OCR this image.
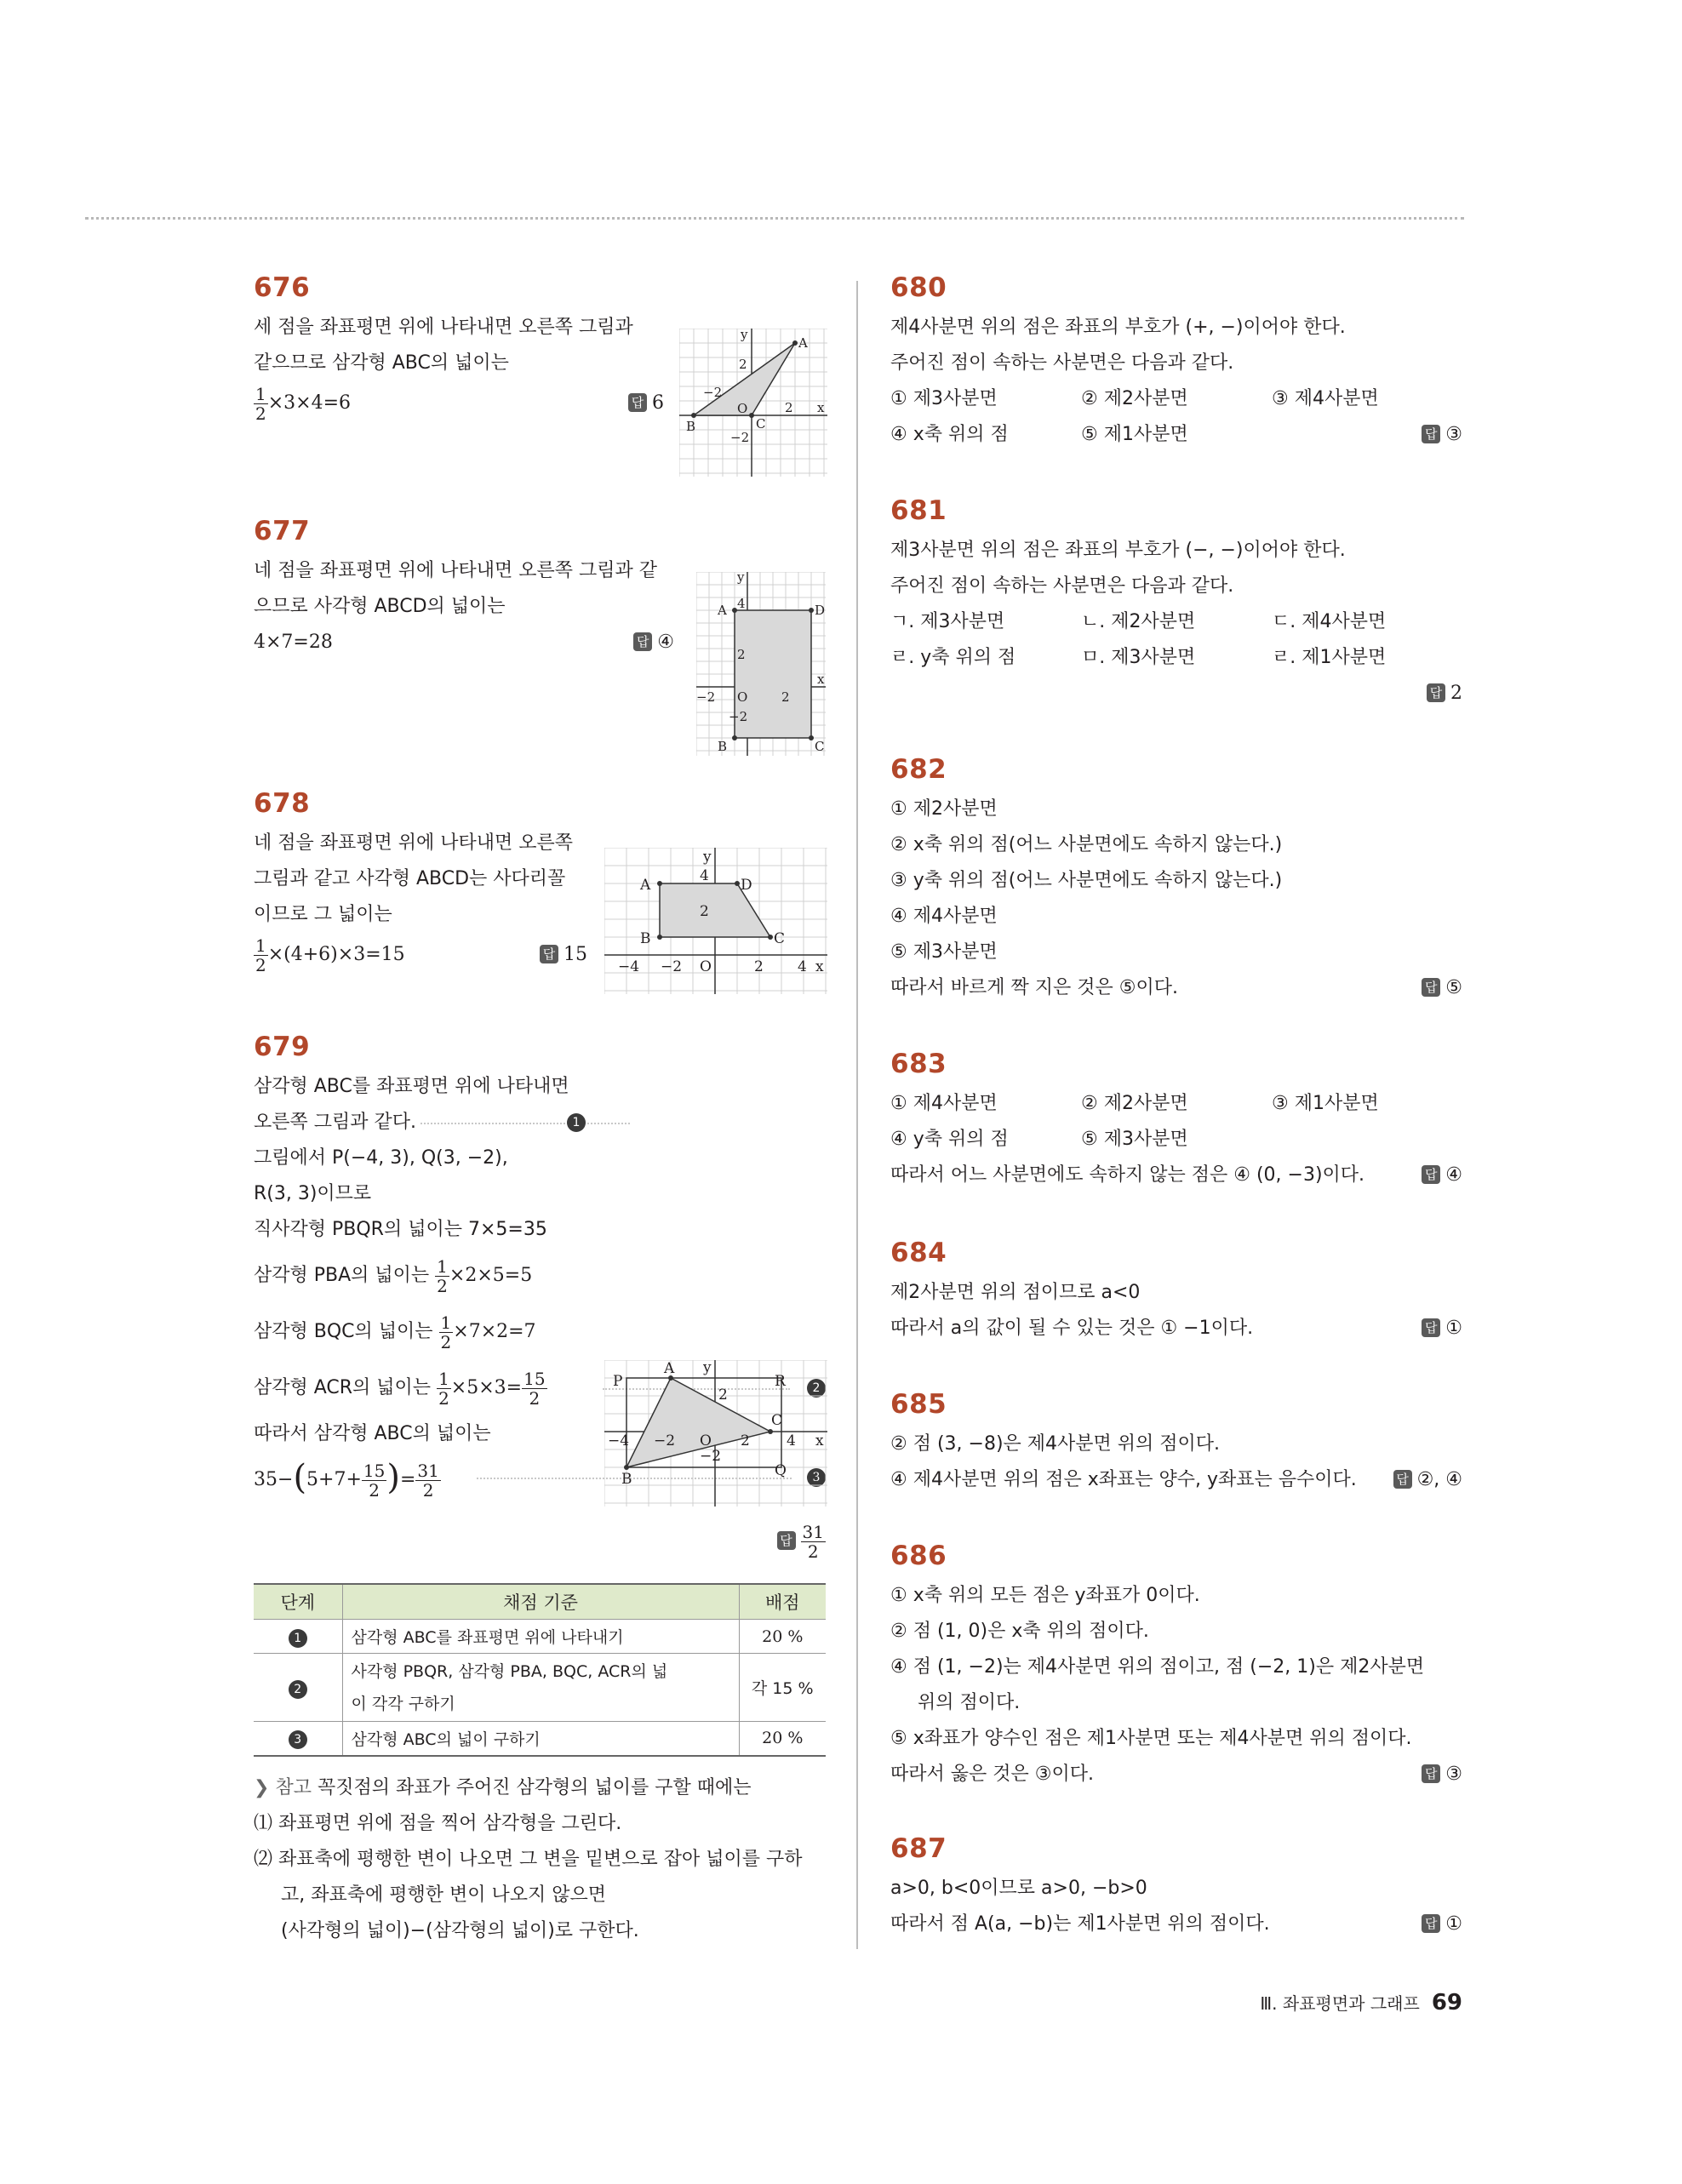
676
세 점을 좌표평면 위에 나타내면 오른쪽 그림과
같으므로 삼각형 ABC의 넓이는
$\frac{1}{2} \times 3\times 4=6$	답 6
A
B	C
O	x
y
2
−2
2
−2
677
네 점을 좌표평면 위에 나타내면 오른쪽 그림과 같
으므로 사각형 ABCD의 넓이는
4×7=28	답 ④
A	D
C
B
O
x
y
4
2
−2	2
−2
678
네 점을 좌표평면 위에 나타내면 오른쪽
그림과 같고 사각형 ABCD는 사다리꼴
이므로 그 넓이는
$\frac{1}{2} \times(4+6)\times 3=15$	답 15
A	D
C
B
O	x
y
4
2
−4 −2	2 4
679
삼각형 ABC를 좌표평면 위에 나타내면
오른쪽 그림과 같다.	1
그림에서 P(−4, 3), Q(3, −2),
R(3, 3)이므로
직사각형 PBQR의 넓이는 7×5=35
삼각형 PBA의 넓이는 $\frac{1}{2} \times 2\times 5=5$
삼각형 BQC의 넓이는 $\frac{1}{2} \times 7\times 2=7$
삼각형 ACR의 넓이는 $\frac{1}{2} \times 5\times 3= \frac{15}{2}$	2
따라서 삼각형 ABC의 넓이는
$35-(5+7+ \frac{15}{2}$ )= $\frac{31}{2}$	3
답 $\frac{31}{2}$
A
B
C
P
Q
R
O	x
y
−4 −2	2	4
2
−2
단계	채점 기준	배점
1	삼각형 ABC를 좌표평면 위에 나타내기	20 %
2	사각형 PBQR, 삼각형 PBA, BQC, ACR의 넓
이 각각 구하기	각 15 %
3	삼각형 ABC의 넓이 구하기	20 %
❯ 참고 꼭짓점의 좌표가 주어진 삼각형의 넓이를 구할 때에는
⑴ 좌표평면 위에 점을 찍어 삼각형을 그린다.
⑵ 좌표축에 평행한 변이 나오면 그 변을 밑변으로 잡아 넓이를 구하
고, 좌표축에 평행한 변이 나오지 않으면
(사각형의 넓이)−(삼각형의 넓이)로 구한다.
680
제4사분면 위의 점은 좌표의 부호가 (+, −)이어야 한다.
주어진 점이 속하는 사분면은 다음과 같다.
① 제3사분면	② 제2사분면	③ 제4사분면
④ x축 위의 점	⑤ 제1사분면	답 ③
681
제3사분면 위의 점은 좌표의 부호가 (−, −)이어야 한다.
주어진 점이 속하는 사분면은 다음과 같다.
ㄱ. 제3사분면	ㄴ. 제2사분면	ㄷ. 제4사분면
ㄹ. y축 위의 점	ㅁ. 제3사분면	ㄹ. 제1사분면
답 2
682
① 제2사분면
② x축 위의 점(어느 사분면에도 속하지 않는다.)
③ y축 위의 점(어느 사분면에도 속하지 않는다.)
④ 제4사분면
⑤ 제3사분면
따라서 바르게 짝 지은 것은 ⑤이다.	답 ⑤
683
① 제4사분면	② 제2사분면	③ 제1사분면
④ y축 위의 점	⑤ 제3사분면
따라서 어느 사분면에도 속하지 않는 점은 ④ (0, −3)이다.	답 ④
684
제2사분면 위의 점이므로 a<0
따라서 a의 값이 될 수 있는 것은 ① −1이다.	답 ①
685
② 점 (3, −8)은 제4사분면 위의 점이다.
④ 제4사분면 위의 점은 x좌표는 양수, y좌표는 음수이다.	답 ②, ④
686
① x축 위의 모든 점은 y좌표가 0이다.
② 점 (1, 0)은 x축 위의 점이다.
④ 점 (1, −2)는 제4사분면 위의 점이고, 점 (−2, 1)은 제2사분면
위의 점이다.
⑤ x좌표가 양수인 점은 제1사분면 또는 제4사분면 위의 점이다.
따라서 옳은 것은 ③이다.	답 ③
687
a>0, b<0이므로 a>0, −b>0
따라서 점 A(a, −b)는 제1사분면 위의 점이다.	답 ①
Ⅲ. 좌표평면과 그래프 69
